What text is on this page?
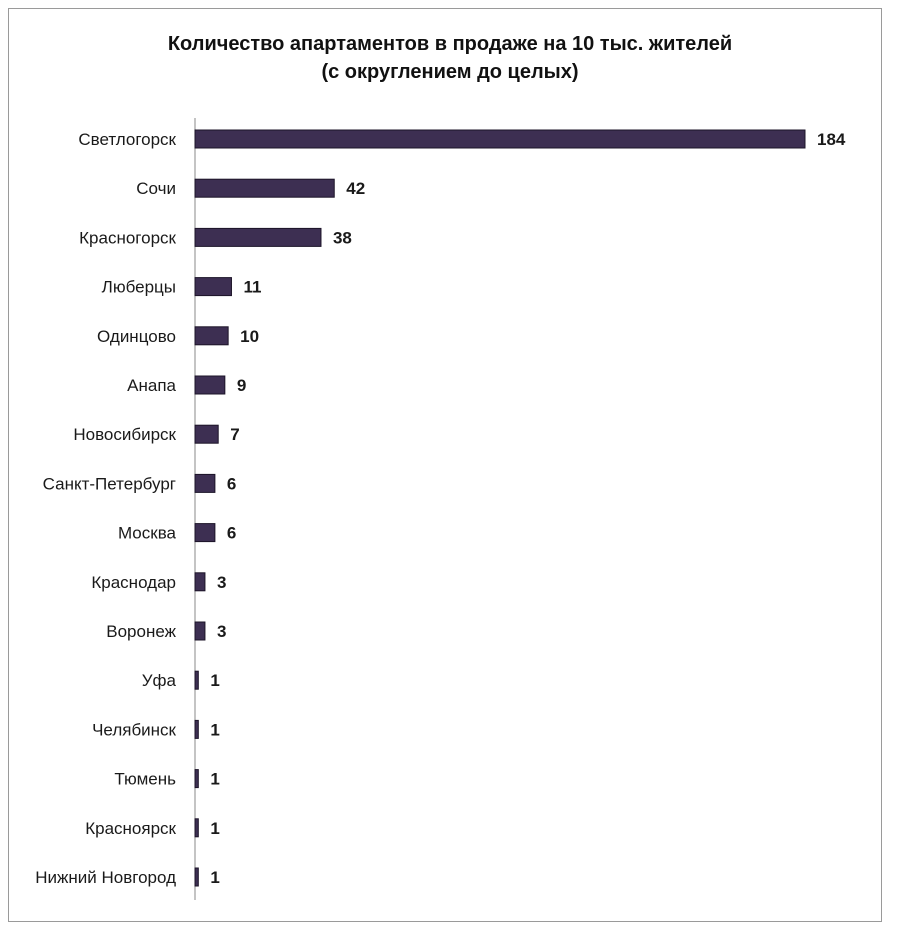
Количество апартаментов в продаже на 10 тыс. жителей
(с округлением до целых)
Светлогорск
Сочи
Красногорск
Люберцы
Одинцово
Анапа
Новосибирск
Санкт-Петербург
Москва
Краснодар
Воронеж
Уфа
Челябинск
Тюмень
Красноярск
Нижний Новгород
184
42
38
11
10
9
7
6
6
3
3
1
1
1
1
1
